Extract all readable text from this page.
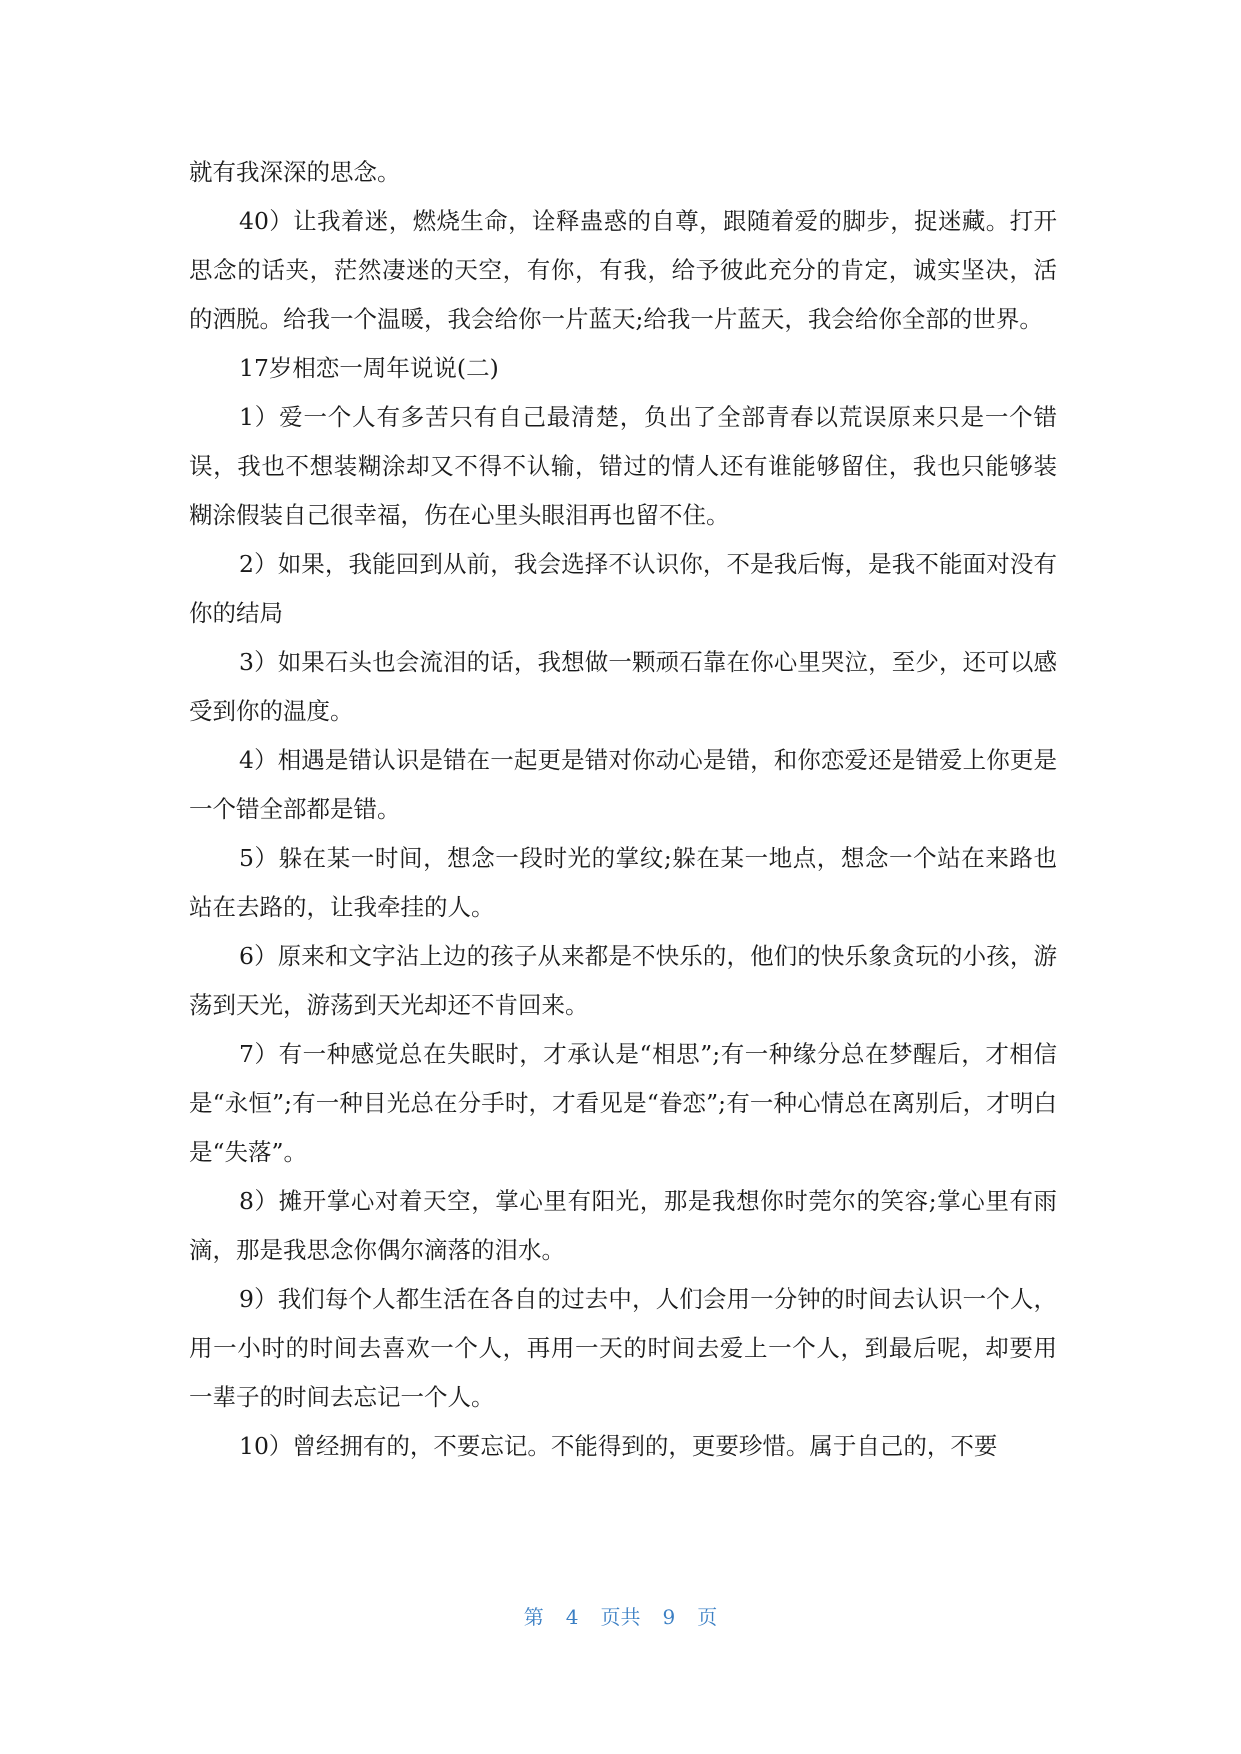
就有我深深的思念。

40）让我着迷，燃烧生命，诠释蛊惑的自尊，跟随着爱的脚步，捉迷藏。打开思念的话夹，茫然凄迷的天空，有你，有我，给予彼此充分的肯定，诚实坚决，活的洒脱。给我一个温暖，我会给你一片蓝天;给我一片蓝天，我会给你全部的世界。

17岁相恋一周年说说(二)

1）爱一个人有多苦只有自己最清楚，负出了全部青春以荒误原来只是一个错误，我也不想装糊涂却又不得不认输，错过的情人还有谁能够留住，我也只能够装糊涂假装自己很幸福，伤在心里头眼泪再也留不住。

2）如果，我能回到从前，我会选择不认识你，不是我后悔，是我不能面对没有你的结局

3）如果石头也会流泪的话，我想做一颗顽石靠在你心里哭泣，至少，还可以感受到你的温度。

4）相遇是错认识是错在一起更是错对你动心是错，和你恋爱还是错爱上你更是一个错全部都是错。

5）躲在某一时间，想念一段时光的掌纹;躲在某一地点，想念一个站在来路也站在去路的，让我牵挂的人。

6）原来和文字沾上边的孩子从来都是不快乐的，他们的快乐象贪玩的小孩，游荡到天光，游荡到天光却还不肯回来。

7）有一种感觉总在失眠时，才承认是“相思”;有一种缘分总在梦醒后，才相信是“永恒”;有一种目光总在分手时，才看见是“眷恋”;有一种心情总在离别后，才明白是“失落”。

8）摊开掌心对着天空，掌心里有阳光，那是我想你时莞尔的笑容;掌心里有雨滴，那是我思念你偶尔滴落的泪水。

9）我们每个人都生活在各自的过去中，人们会用一分钟的时间去认识一个人，用一小时的时间去喜欢一个人，再用一天的时间去爱上一个人，到最后呢，却要用一辈子的时间去忘记一个人。

10）曾经拥有的，不要忘记。不能得到的，更要珍惜。属于自己的，不要

第 4 页共 9 页
